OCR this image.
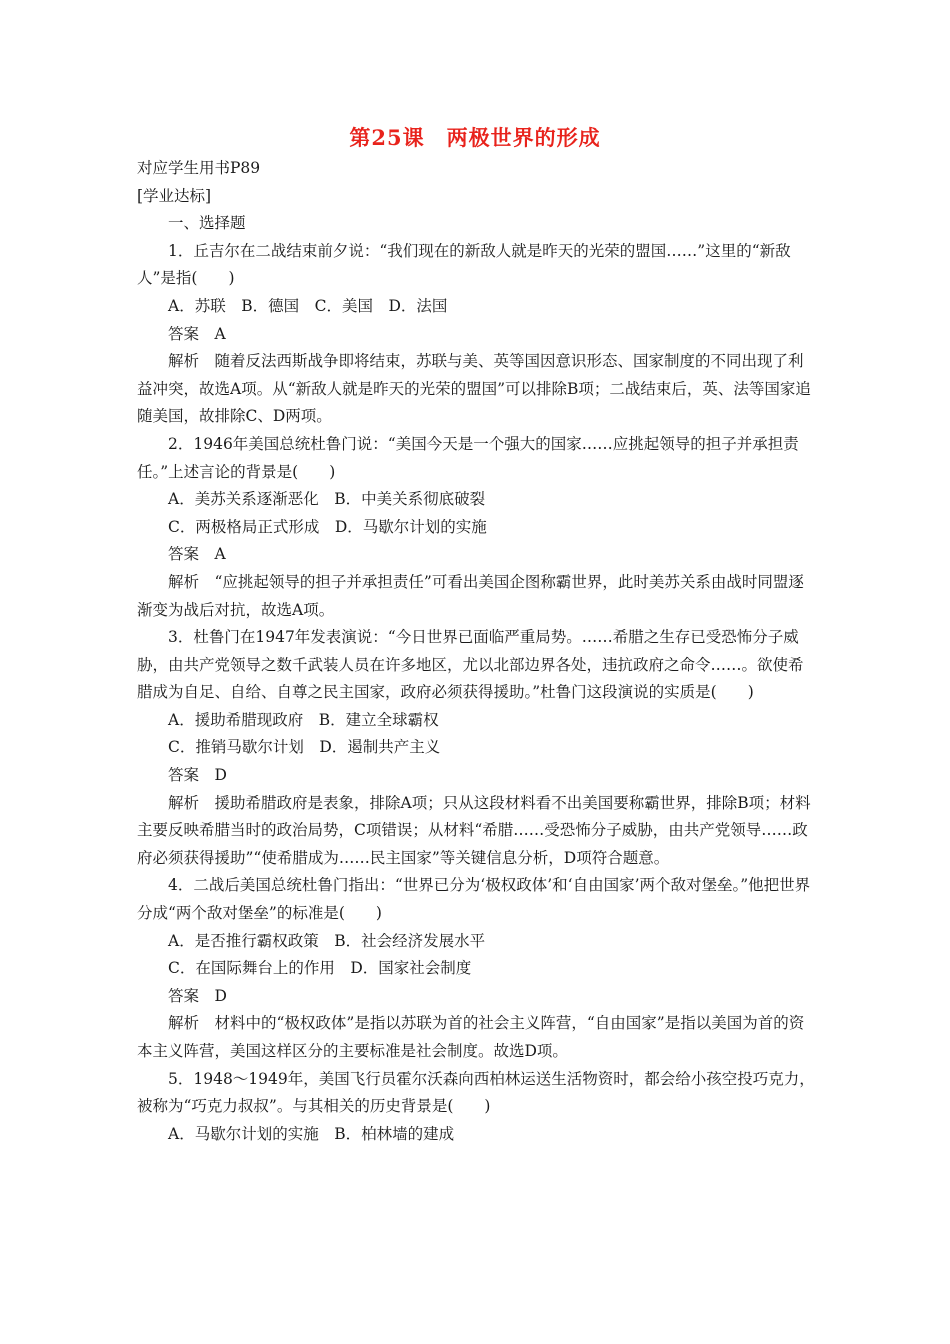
第25课　两极世界的形成
对应学生用书P89
[学业达标]

一、选择题

1．丘吉尔在二战结束前夕说：“我们现在的新敌人就是昨天的光荣的盟国……”这里的“新敌人”是指(　　)

A．苏联　B．德国　C．美国　D．法国

答案　A

解析　随着反法西斯战争即将结束，苏联与美、英等国因意识形态、国家制度的不同出现了利益冲突，故选A项。从“新敌人就是昨天的光荣的盟国”可以排除B项；二战结束后，英、法等国家追随美国，故排除C、D两项。

2．1946年美国总统杜鲁门说：“美国今天是一个强大的国家……应挑起领导的担子并承担责任。”上述言论的背景是(　　)

A．美苏关系逐渐恶化　B．中美关系彻底破裂

C．两极格局正式形成　D．马歇尔计划的实施

答案　A

解析　“应挑起领导的担子并承担责任”可看出美国企图称霸世界，此时美苏关系由战时同盟逐渐变为战后对抗，故选A项。

3．杜鲁门在1947年发表演说：“今日世界已面临严重局势。……希腊之生存已受恐怖分子威胁，由共产党领导之数千武装人员在许多地区，尤以北部边界各处，违抗政府之命令……。欲使希腊成为自足、自给、自尊之民主国家，政府必须获得援助。”杜鲁门这段演说的实质是(　　)

A．援助希腊现政府　B．建立全球霸权

C．推销马歇尔计划　D．遏制共产主义

答案　D

解析　援助希腊政府是表象，排除A项；只从这段材料看不出美国要称霸世界，排除B项；材料主要反映希腊当时的政治局势，C项错误；从材料“希腊……受恐怖分子威胁，由共产党领导……政府必须获得援助”“使希腊成为……民主国家”等关键信息分析，D项符合题意。

4．二战后美国总统杜鲁门指出：“世界已分为‘极权政体’和‘自由国家’两个敌对堡垒。”他把世界分成“两个敌对堡垒”的标准是(　　)

A．是否推行霸权政策　B．社会经济发展水平

C．在国际舞台上的作用　D．国家社会制度

答案　D

解析　材料中的“极权政体”是指以苏联为首的社会主义阵营，“自由国家”是指以美国为首的资本主义阵营，美国这样区分的主要标准是社会制度。故选D项。

5．1948～1949年，美国飞行员霍尔沃森向西柏林运送生活物资时，都会给小孩空投巧克力，被称为“巧克力叔叔”。与其相关的历史背景是(　　)

A．马歇尔计划的实施　B．柏林墙的建成
